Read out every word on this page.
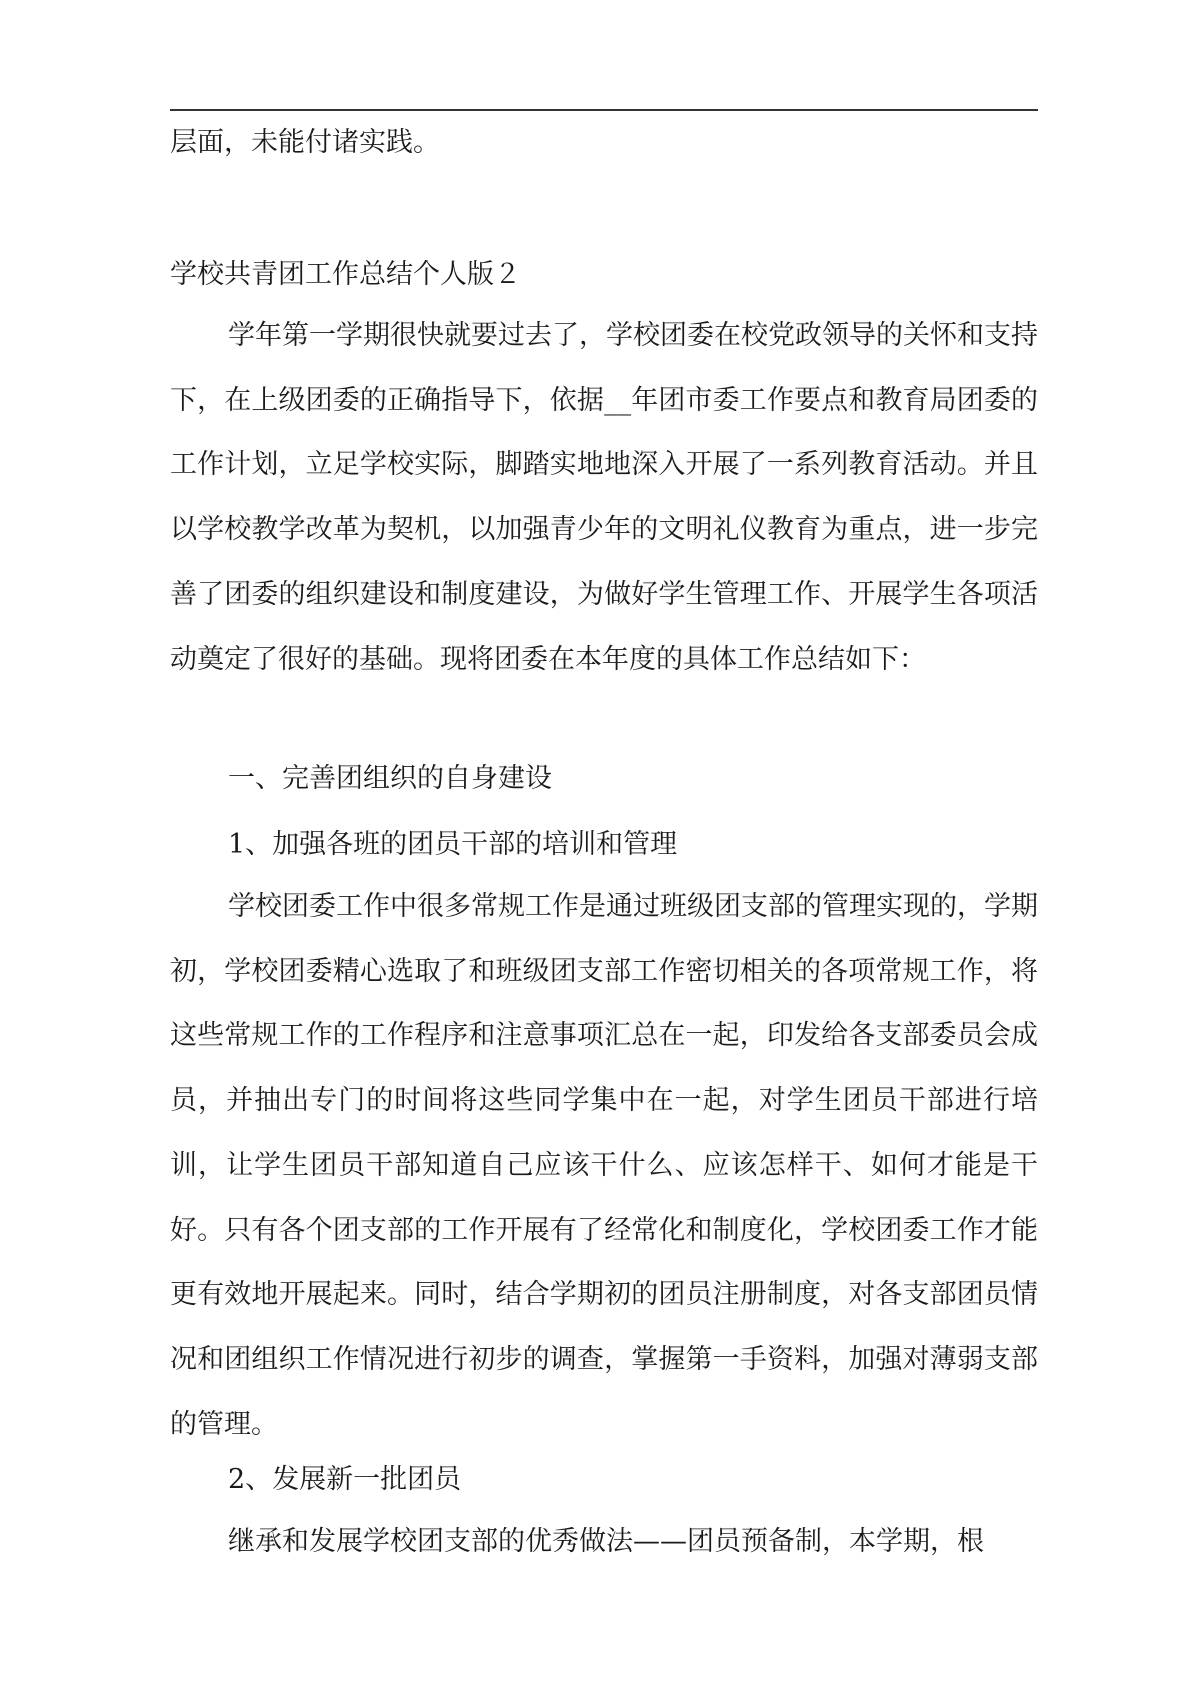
层面，未能付诸实践。
学校共青团工作总结个人版２

学年第一学期很快就要过去了，学校团委在校党政领导的关怀和支持下，在上级团委的正确指导下，依据__年团市委工作要点和教育局团委的工作计划，立足学校实际，脚踏实地地深入开展了一系列教育活动。并且以学校教学改革为契机，以加强青少年的文明礼仪教育为重点，进一步完善了团委的组织建设和制度建设，为做好学生管理工作、开展学生各项活动奠定了很好的基础。现将团委在本年度的具体工作总结如下：

一、完善团组织的自身建设
1、加强各班的团员干部的培训和管理

学校团委工作中很多常规工作是通过班级团支部的管理实现的，学期初，学校团委精心选取了和班级团支部工作密切相关的各项常规工作，将这些常规工作的工作程序和注意事项汇总在一起，印发给各支部委员会成员，并抽出专门的时间将这些同学集中在一起，对学生团员干部进行培训，让学生团员干部知道自己应该干什么、应该怎样干、如何才能是干好。只有各个团支部的工作开展有了经常化和制度化，学校团委工作才能更有效地开展起来。同时，结合学期初的团员注册制度，对各支部团员情况和团组织工作情况进行初步的调查，掌握第一手资料，加强对薄弱支部的管理。

2、发展新一批团员

继承和发展学校团支部的优秀做法——团员预备制，本学期，根
